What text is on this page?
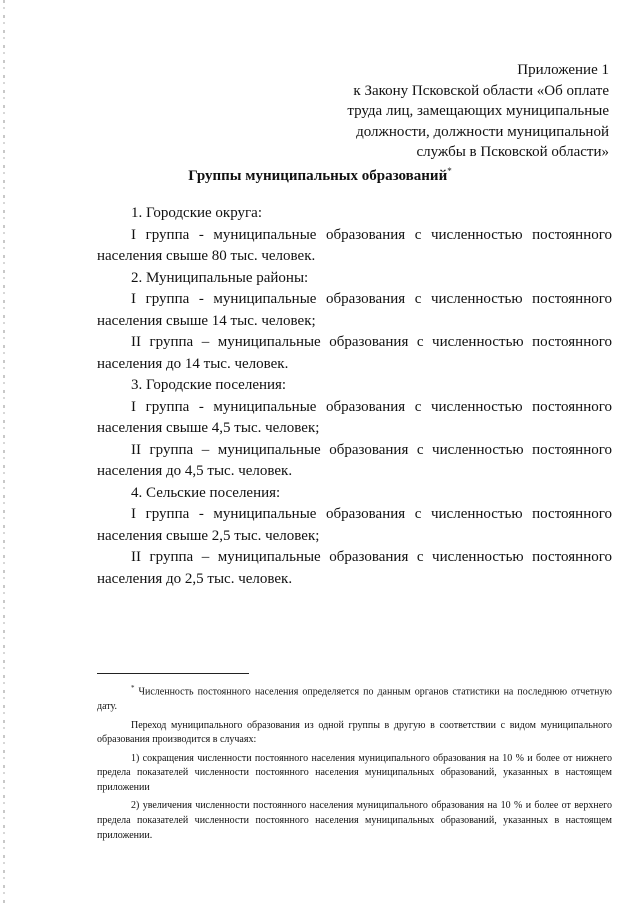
Приложение 1
к Закону Псковской области «Об оплате
труда лиц, замещающих муниципальные
должности, должности муниципальной
службы в Псковской области»
Группы муниципальных образований*
1. Городские округа:
I группа - муниципальные образования с численностью постоянного
населения свыше 80 тыс. человек.
2. Муниципальные районы:
I группа - муниципальные образования с численностью постоянного
населения свыше 14 тыс. человек;
II группа – муниципальные образования с численностью постоянного
населения до 14 тыс. человек.
3. Городские поселения:
I группа - муниципальные образования с численностью постоянного
населения свыше 4,5 тыс. человек;
II группа – муниципальные образования с численностью постоянного
населения до 4,5 тыс. человек.
4. Сельские поселения:
I группа - муниципальные образования с численностью постоянного
населения свыше 2,5 тыс. человек;
II группа – муниципальные образования с численностью постоянного
населения до 2,5 тыс. человек.

* Численность постоянного населения определяется по данным органов статистики на последнюю отчетную дату.

Переход муниципального образования из одной группы в другую в соответствии с видом муниципального образования производится в случаях:

1) сокращения численности постоянного населения муниципального образования на 10 % и более от нижнего предела показателей численности постоянного населения муниципальных образований, указанных в настоящем приложении

2) увеличения численности постоянного населения муниципального образования на 10 % и более от верхнего предела показателей численности постоянного населения муниципальных образований, указанных в настоящем приложении.
